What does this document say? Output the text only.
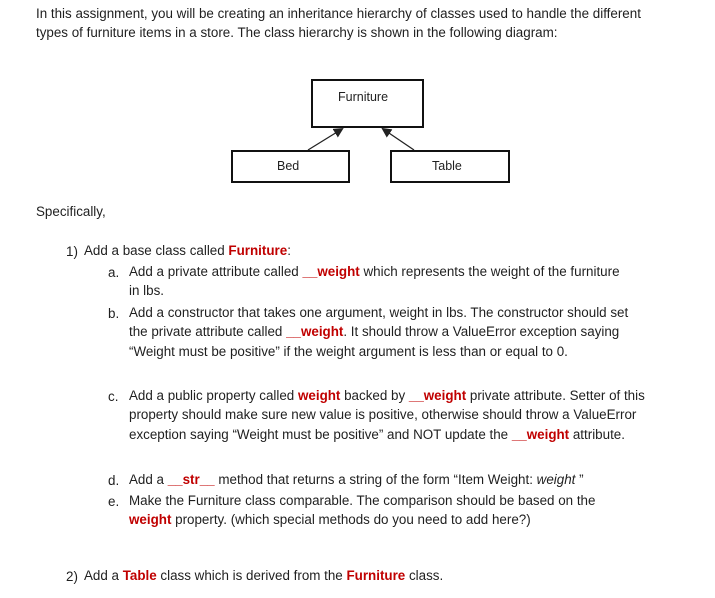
In this assignment, you will be creating an inheritance hierarchy of classes used to handle the different types of furniture items in a store. The class hierarchy is shown in the following diagram:
Furniture
Bed	Table
Specifically,
1) Add a base class called Furniture:
a. Add a private attribute called __weight which represents the weight of the furniture in lbs.
b. Add a constructor that takes one argument, weight in lbs. The constructor should set the private attribute called __weight. It should throw a ValueError exception saying “Weight must be positive” if the weight argument is less than or equal to 0.
c. Add a public property called weight backed by __weight private attribute. Setter of this property should make sure new value is positive, otherwise should throw a ValueError exception saying “Weight must be positive” and NOT update the __weight attribute.
d. Add a __str__ method that returns a string of the form “Item Weight: weight ”
e. Make the Furniture class comparable. The comparison should be based on the weight property. (which special methods do you need to add here?)
2) Add a Table class which is derived from the Furniture class.
